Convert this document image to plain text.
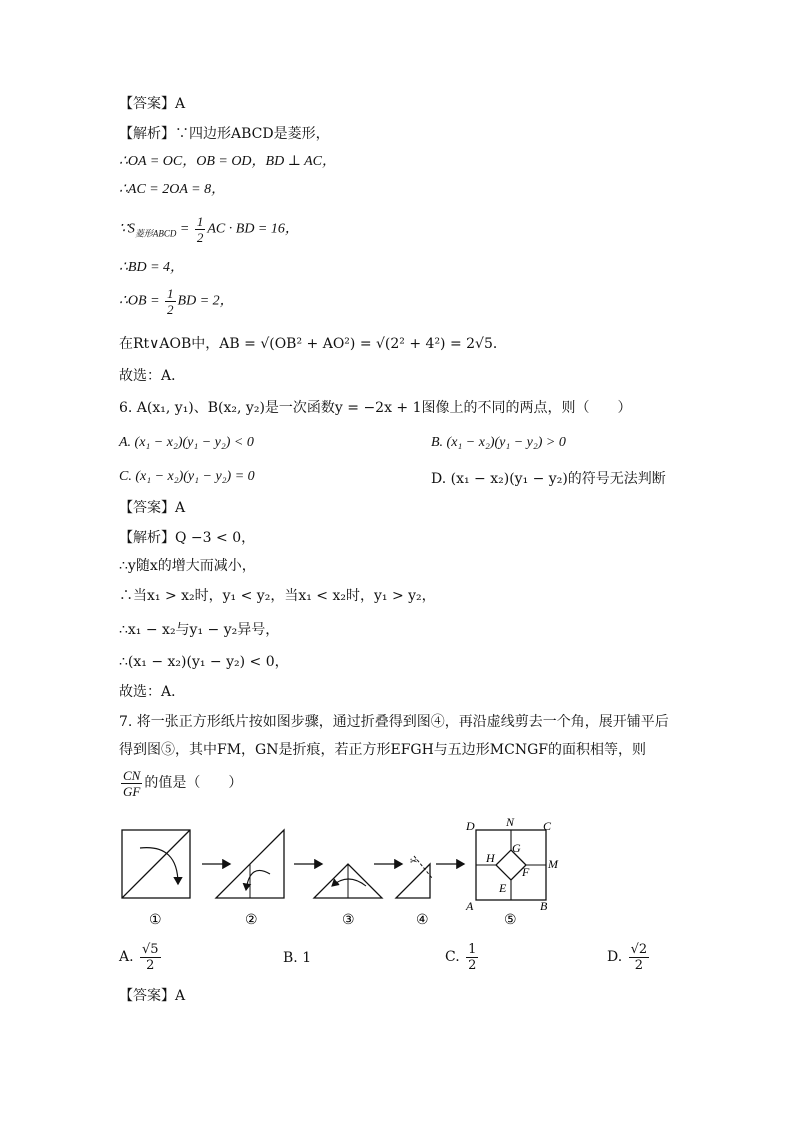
【答案】A
【解析】∵四边形ABCD是菱形，
∴OA = OC，OB = OD，BD ⊥ AC，
∴AC = 2OA = 8，
$\because S_{菱形ABCD} = \frac{1}{2}$ AC · BD = 16，
∴BD = 4，
∴OB = $\frac{1}{2}$ BD = 2，
在Rt∨AOB中，AB = √(OB² + AO²) = √(2² + 4²) = 2√5．
故选：A．
6. A(x₁, y₁)、B(x₂, y₂)是一次函数y = −2x + 1图像上的不同的两点，则（　　）
A. (x₁ − x₂)(y₁ − y₂) < 0	B. (x₁ − x₂)(y₁ − y₂) > 0
C. (x₁ − x₂)(y₁ − y₂) = 0	D. (x₁ − x₂)(y₁ − y₂)的符号无法判断
【答案】A
【解析】Q −3 < 0，
∴y随x的增大而减小，
∴当x₁ > x₂时，y₁ < y₂，当x₁ < x₂时，y₁ > y₂，
∴x₁ − x₂与y₁ − y₂异号，
∴(x₁ − x₂)(y₁ − y₂) < 0，
故选：A．
7. 将一张正方形纸片按如图步骤，通过折叠得到图④，再沿虚线剪去一个角，展开铺平后
得到图⑤，其中FM，GN是折痕，若正方形EFGH与五边形MCNGF的面积相等，则
$\frac{CN}{GF}$ 的值是（　　）
✂
D	N C
G
H	M
F
E
A	B
①	②	③	④	⑤
A. $\frac{√5}{2}$	B. 1	C. $\frac{1}{2}$	D. $\frac{√2}{2}$
【答案】A
